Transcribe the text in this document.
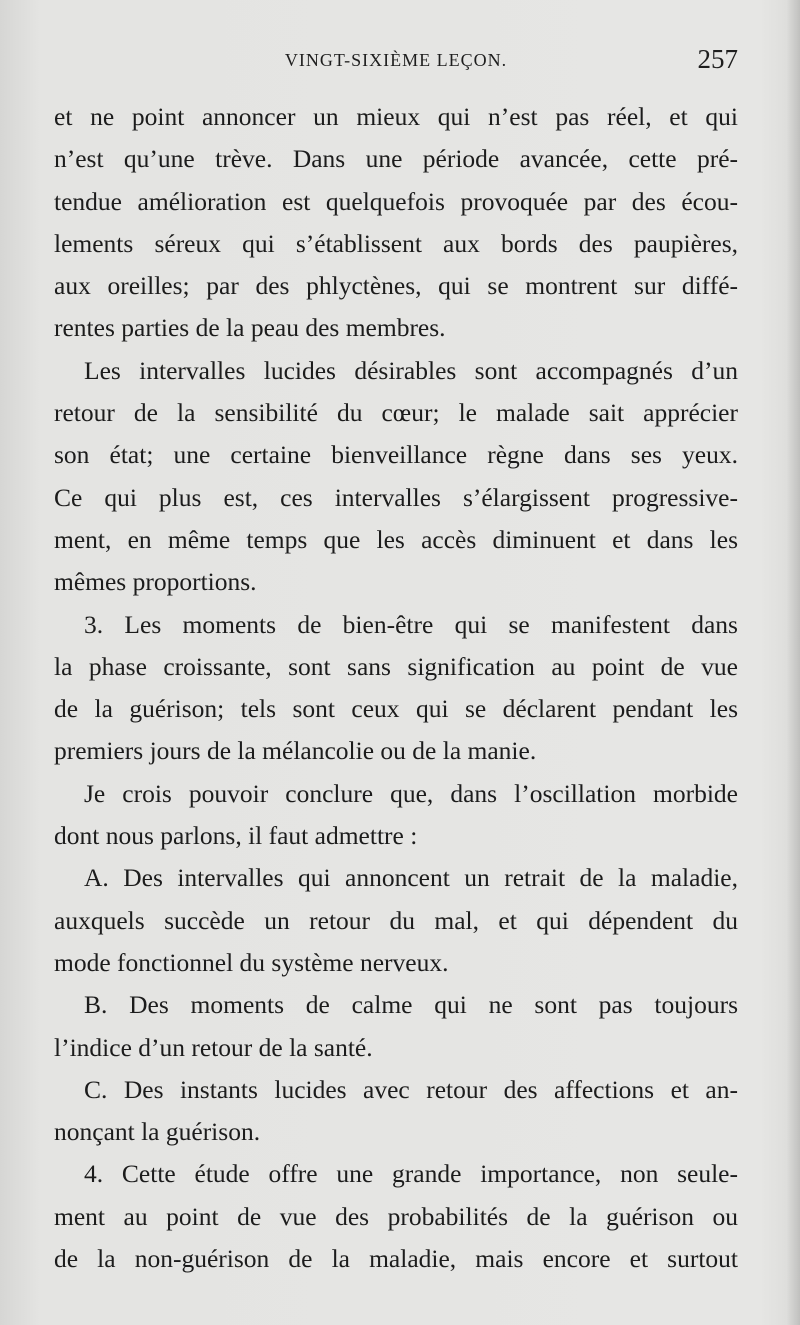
VINGT-SIXIÈME LEÇON.	257
et ne point annoncer un mieux qui n’est pas réel, et qui
n’est qu’une trève. Dans une période avancée, cette pré-
tendue amélioration est quelquefois provoquée par des écou-
lements séreux qui s’établissent aux bords des paupières,
aux oreilles; par des phlyctènes, qui se montrent sur diffé-
rentes parties de la peau des membres.
Les intervalles lucides désirables sont accompagnés d’un
retour de la sensibilité du cœur; le malade sait apprécier
son état; une certaine bienveillance règne dans ses yeux.
Ce qui plus est, ces intervalles s’élargissent progressive-
ment, en même temps que les accès diminuent et dans les
mêmes proportions.
3. Les moments de bien-être qui se manifestent dans
la phase croissante, sont sans signification au point de vue
de la guérison; tels sont ceux qui se déclarent pendant les
premiers jours de la mélancolie ou de la manie.
Je crois pouvoir conclure que, dans l’oscillation morbide
dont nous parlons, il faut admettre :
A. Des intervalles qui annoncent un retrait de la maladie,
auxquels succède un retour du mal, et qui dépendent du
mode fonctionnel du système nerveux.
B. Des moments de calme qui ne sont pas toujours
l’indice d’un retour de la santé.
C. Des instants lucides avec retour des affections et an-
nonçant la guérison.
4. Cette étude offre une grande importance, non seule-
ment au point de vue des probabilités de la guérison ou
de la non-guérison de la maladie, mais encore et surtout
